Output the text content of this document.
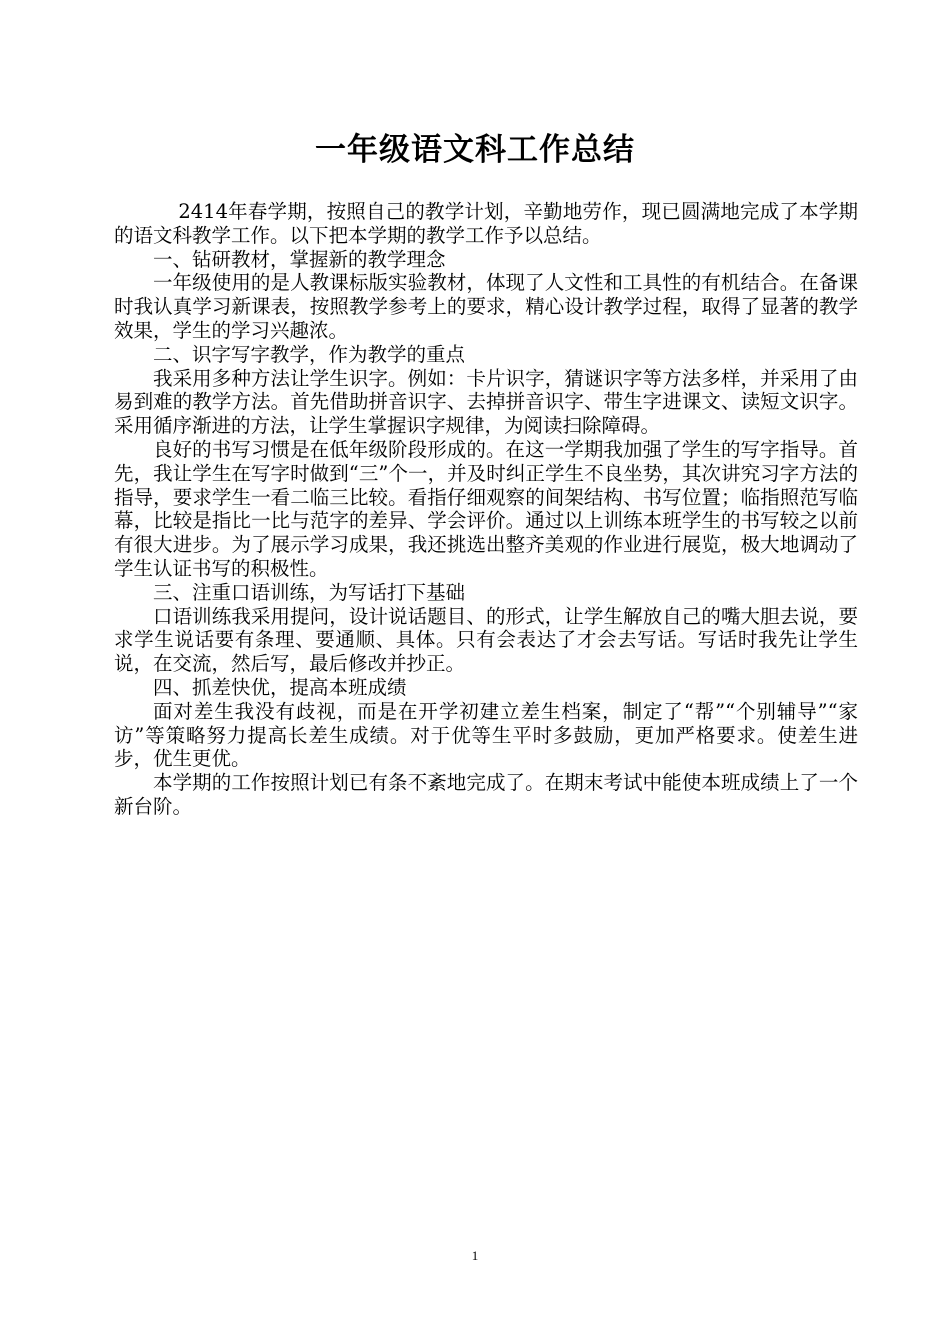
一年级语文科工作总结

2414年春学期，按照自己的教学计划，辛勤地劳作，现已圆满地完成了本学期的语文科教学工作。以下把本学期的教学工作予以总结。

一、钻研教材，掌握新的教学理念

一年级使用的是人教课标版实验教材，体现了人文性和工具性的有机结合。在备课时我认真学习新课表，按照教学参考上的要求，精心设计教学过程，取得了显著的教学效果，学生的学习兴趣浓。

二、识字写字教学，作为教学的重点

我采用多种方法让学生识字。例如：卡片识字，猜谜识字等方法多样，并采用了由易到难的教学方法。首先借助拼音识字、去掉拼音识字、带生字进课文、读短文识字。采用循序渐进的方法，让学生掌握识字规律，为阅读扫除障碍。

良好的书写习惯是在低年级阶段形成的。在这一学期我加强了学生的写字指导。首先，我让学生在写字时做到“三”个一，并及时纠正学生不良坐势，其次讲究习字方法的指导，要求学生一看二临三比较。看指仔细观察的间架结构、书写位置；临指照范写临幕，比较是指比一比与范字的差异、学会评价。通过以上训练本班学生的书写较之以前有很大进步。为了展示学习成果，我还挑选出整齐美观的作业进行展览，极大地调动了学生认证书写的积极性。

三、注重口语训练，为写话打下基础

口语训练我采用提问，设计说话题目、的形式，让学生解放自己的嘴大胆去说，要求学生说话要有条理、要通顺、具体。只有会表达了才会去写话。写话时我先让学生说，在交流，然后写，最后修改并抄正。

四、抓差快优，提高本班成绩

面对差生我没有歧视，而是在开学初建立差生档案，制定了“帮”“个别辅导”“家访”等策略努力提高长差生成绩。对于优等生平时多鼓励，更加严格要求。使差生进步，优生更优。

本学期的工作按照计划已有条不紊地完成了。在期末考试中能使本班成绩上了一个新台阶。

1
